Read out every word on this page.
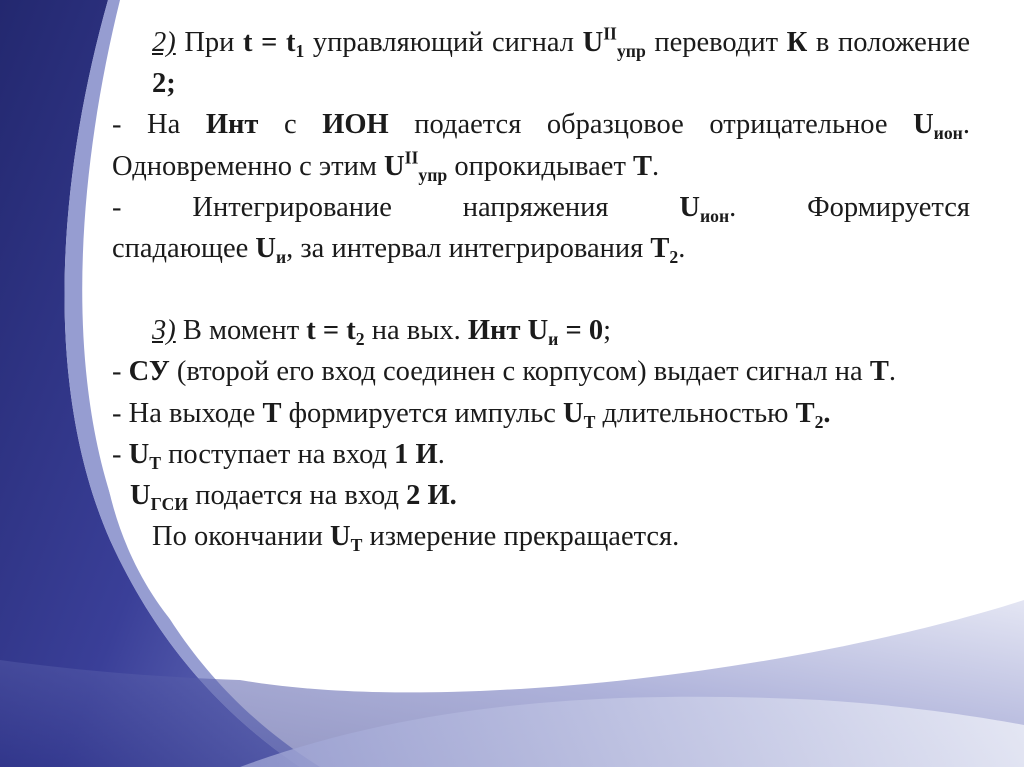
2) При $t = t_1$ управляющий сигнал $U^{II}_{упр}$ переводит К в положение 2;
- На Инт с ИОН подается образцовое отрицательное $U_{ион}$.
Одновременно с этим $U^{II}_{упр}$ опрокидывает Т.
- Интегрирование напряжения $U_{ион}$. Формируется
спадающее $U_и$, за интервал интегрирования $Т_2$.
3) В момент $t = t_2$ на вых. Инт $U_и = 0$;
- СУ (второй его вход соединен с корпусом) выдает сигнал на Т.
- На выходе Т формируется импульс $U_Т$ длительностью $Т_2$.
- $U_Т$ поступает на вход 1 И.
$U_{ГСИ}$ подается на вход 2 И.
По окончании $U_Т$ измерение прекращается.
